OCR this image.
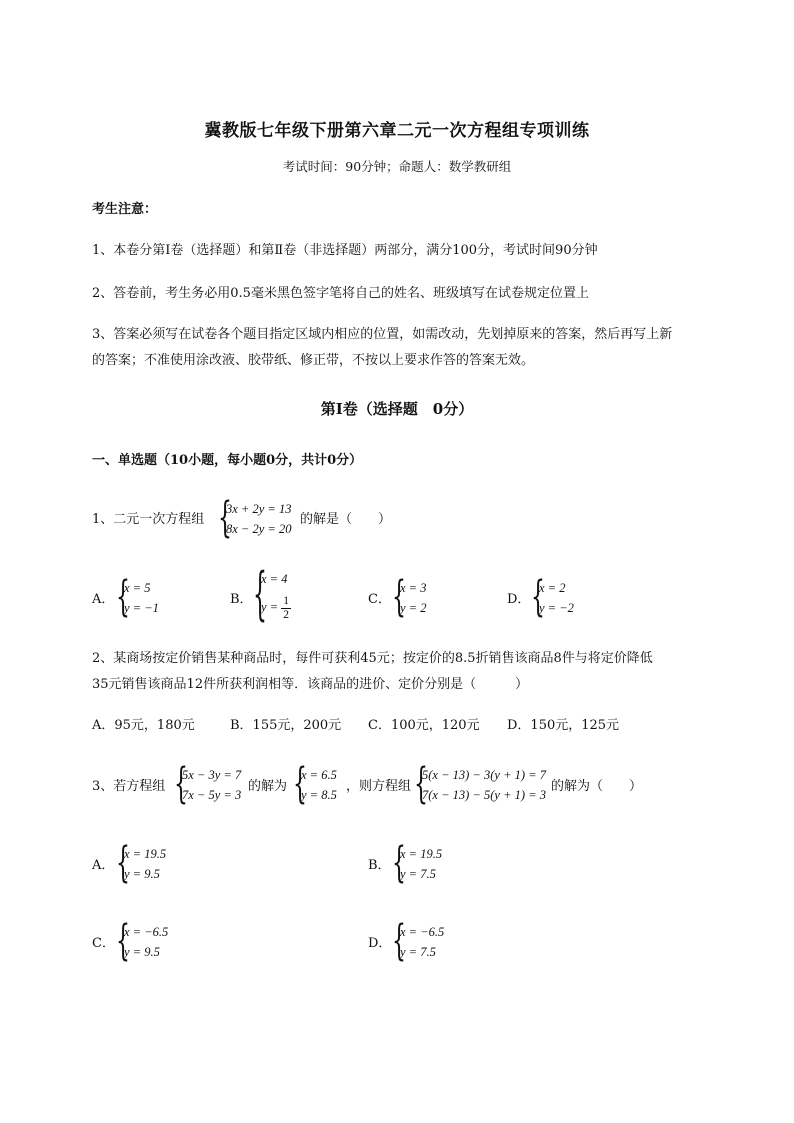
冀教版七年级下册第六章二元一次方程组专项训练
考试时间：90分钟；命题人：数学教研组
考生注意：
1、本卷分第I卷（选择题）和第Ⅱ卷（非选择题）两部分，满分100分，考试时间90分钟
2、答卷前，考生务必用0.5毫米黑色签字笔将自己的姓名、班级填写在试卷规定位置上
3、答案必须写在试卷各个题目指定区域内相应的位置，如需改动，先划掉原来的答案，然后再写上新
的答案；不准使用涂改液、胶带纸、修正带，不按以上要求作答的答案无效。
第I卷（选择题　0分）
一、单选题（10小题，每小题0分，共计0分）
1、二元一次方程组 {
3x + 2y = 13
8x − 2y = 20
的解是（　　）
A． {
x = 5
y = −1
B． {
x = 4
$y = \frac{1}{2}$	C． {
x = 3
y = 2
D． {
x = 2
y = −2
2、某商场按定价销售某种商品时，每件可获利45元；按定价的8.5折销售该商品8件与将定价降低
35元销售该商品12件所获利润相等．该商品的进价、定价分别是（　　　）
A．95元，180元	B．155元，200元 C．100元，120元 D．150元，125元
3、若方程组 {
5x − 3y = 7
7x − 5y = 3
的解为 {
x = 6.5
y = 8.5
，则方程组 {
5(x − 13) − 3(y + 1) = 7
7(x − 13) − 5(y + 1) = 3
的解为（　　）
A． {
x = 19.5
y = 9.5
B． {
x = 19.5
y = 7.5
C． {
x = −6.5
y = 9.5
D． {
x = −6.5
y = 7.5
